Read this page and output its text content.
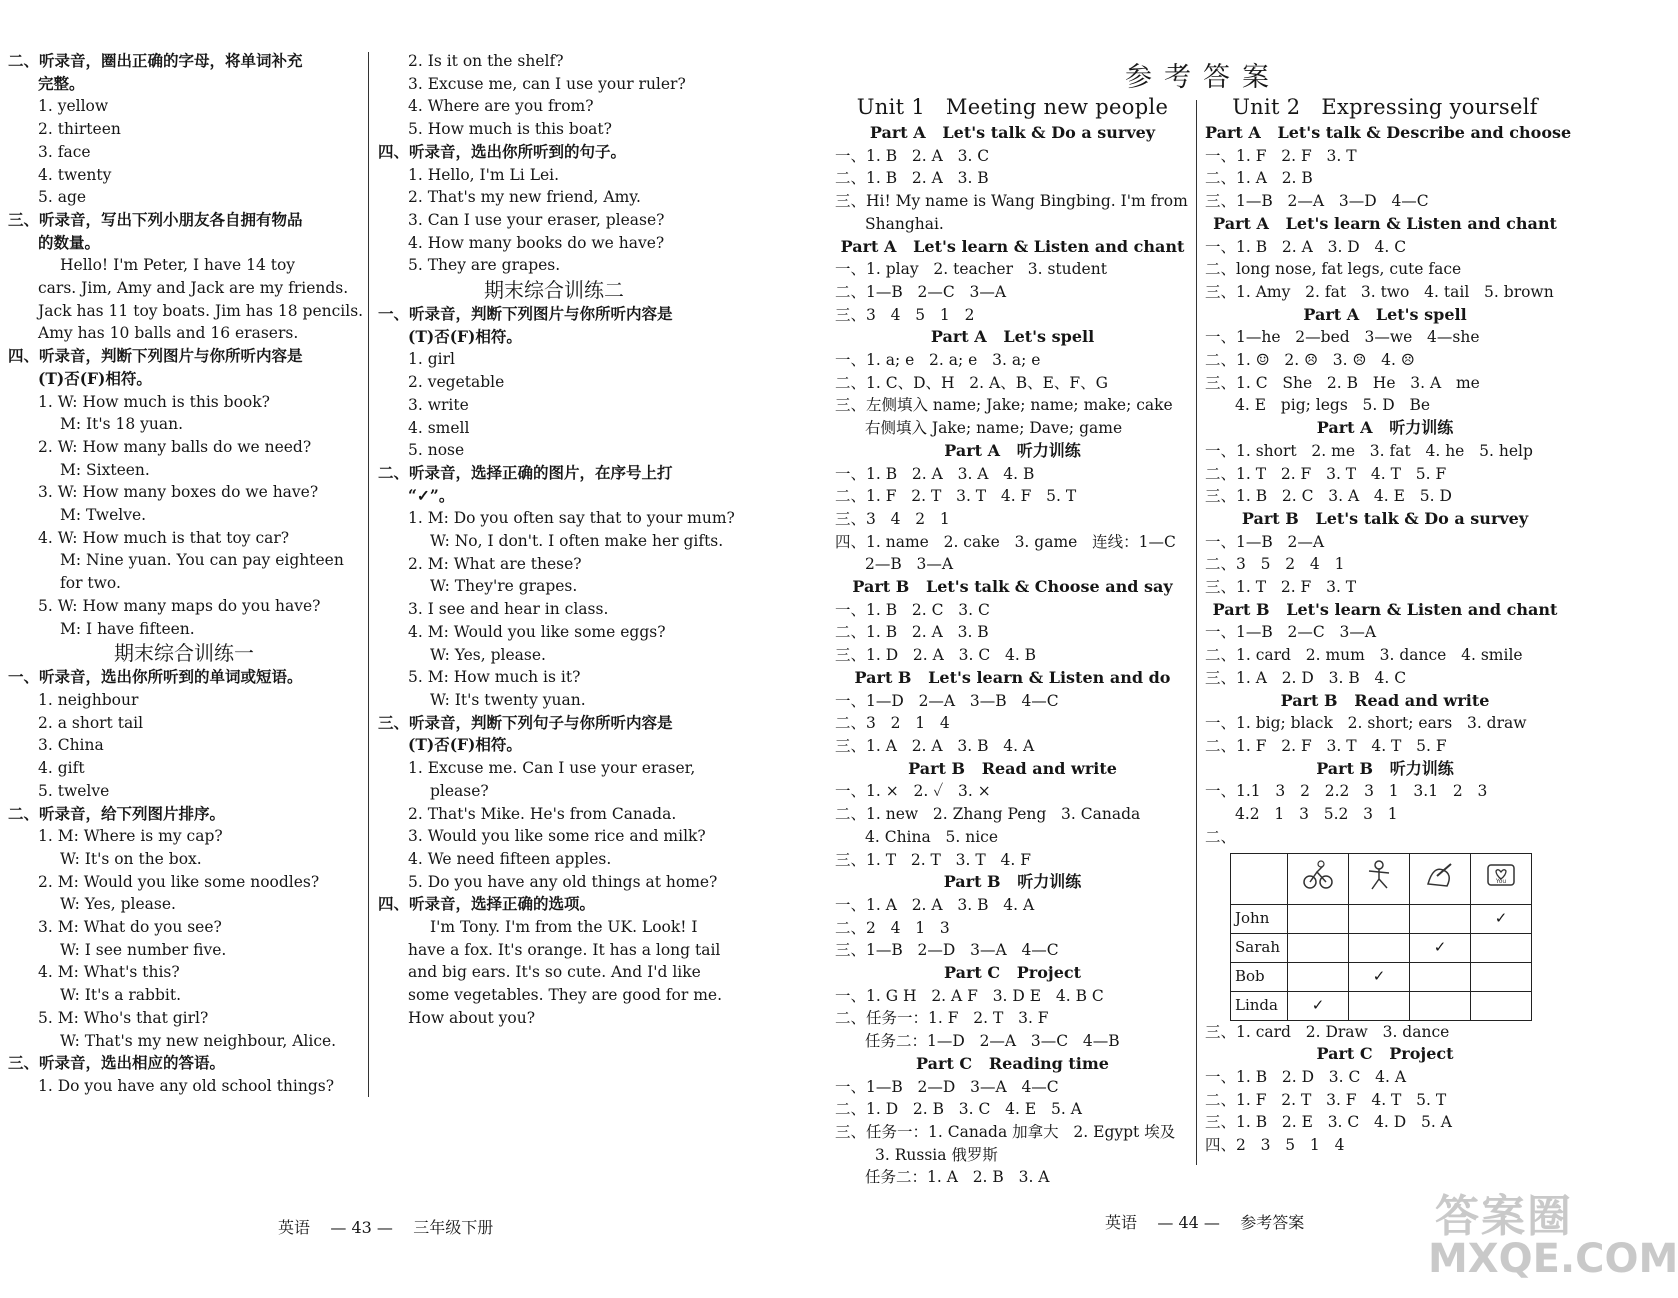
二、听录音，圈出正确的字母，将单词补充
完整。
1. yellow
2. thirteen
3. face
4. twenty
5. age
三、听录音，写出下列小朋友各自拥有物品
的数量。
Hello! I'm Peter, I have 14 toy
cars. Jim, Amy and Jack are my friends.
Jack has 11 toy boats. Jim has 18 pencils.
Amy has 10 balls and 16 erasers.
四、听录音，判断下列图片与你所听内容是
(T)否(F)相符。
1. W: How much is this book?
M: It's 18 yuan.
2. W: How many balls do we need?
M: Sixteen.
3. W: How many boxes do we have?
M: Twelve.
4. W: How much is that toy car?
M: Nine yuan. You can pay eighteen
for two.
5. W: How many maps do you have?
M: I have fifteen.
期末综合训练一
一、听录音，选出你所听到的单词或短语。
1. neighbour
2. a short tail
3. China
4. gift
5. twelve
二、听录音，给下列图片排序。
1. M: Where is my cap?
W: It's on the box.
2. M: Would you like some noodles?
W: Yes, please.
3. M: What do you see?
W: I see number five.
4. M: What's this?
W: It's a rabbit.
5. M: Who's that girl?
W: That's my new neighbour, Alice.
三、听录音，选出相应的答语。
1. Do you have any old school things?
2. Is it on the shelf?
3. Excuse me, can I use your ruler?
4. Where are you from?
5. How much is this boat?
四、听录音，选出你所听到的句子。
1. Hello, I'm Li Lei.
2. That's my new friend, Amy.
3. Can I use your eraser, please?
4. How many books do we have?
5. They are grapes.
期末综合训练二
一、听录音，判断下列图片与你所听内容是
(T)否(F)相符。
1. girl
2. vegetable
3. write
4. smell
5. nose
二、听录音，选择正确的图片，在序号上打
“✓”。
1. M: Do you often say that to your mum?
W: No, I don't. I often make her gifts.
2. M: What are these?
W: They're grapes.
3. I see and hear in class.
4. M: Would you like some eggs?
W: Yes, please.
5. M: How much is it?
W: It's twenty yuan.
三、听录音，判断下列句子与你所听内容是
(T)否(F)相符。
1. Excuse me. Can I use your eraser,
please?
2. That's Mike. He's from Canada.
3. Would you like some rice and milk?
4. We need fifteen apples.
5. Do you have any old things at home?
四、听录音，选择正确的选项。
I'm Tony. I'm from the UK. Look! I
have a fox. It's orange. It has a long tail
and big ears. It's so cute. And I'd like
some vegetables. They are good for me.
How about you?
英语 — 43 — 三年级下册
参考答案
Unit 1   Meeting new people
Part A   Let's talk & Do a survey
一、1. B   2. A   3. C
二、1. B   2. A   3. B
三、Hi! My name is Wang Bingbing. I'm from
Shanghai.
Part A   Let's learn & Listen and chant
一、1. play   2. teacher   3. student
二、1—B   2—C   3—A
三、3   4   5   1   2
Part A   Let's spell
一、1. a; e   2. a; e   3. a; e
二、1. C、D、H   2. A、B、E、F、G
三、左侧填入 name; Jake; name; make; cake
右侧填入 Jake; name; Dave; game
Part A   听力训练
一、1. B   2. A   3. A   4. B
二、1. F   2. T   3. T   4. F   5. T
三、3   4   2   1
四、1. name   2. cake   3. game   连线：1—C
2—B   3—A
Part B   Let's talk & Choose and say
一、1. B   2. C   3. C
二、1. B   2. A   3. B
三、1. D   2. A   3. C   4. B
Part B   Let's learn & Listen and do
一、1—D   2—A   3—B   4—C
二、3   2   1   4
三、1. A   2. A   3. B   4. A
Part B   Read and write
一、1. ×   2. ✓   3. ×
二、1. new   2. Zhang Peng   3. Canada
4. China   5. nice
三、1. T   2. T   3. T   4. F
Part B   听力训练
一、1. A   2. A   3. B   4. A
二、2   4   1   3
三、1—B   2—D   3—A   4—C
Part C   Project
一、1. G H   2. A F   3. D E   4. B C
二、任务一：1. F   2. T   3. F
任务二：1—D   2—A   3—C   4—B
Part C   Reading time
一、1—B   2—D   3—A   4—C
二、1. D   2. B   3. C   4. E   5. A
三、任务一：1. Canada 加拿大   2. Egypt 埃及
3. Russia 俄罗斯
任务二：1. A   2. B   3. A
Unit 2   Expressing yourself
Part A   Let's talk & Describe and choose
一、1. F   2. F   3. T
二、1. A   2. B
三、1—B   2—A   3—D   4—C
Part A   Let's learn & Listen and chant
一、1. B   2. A   3. D   4. C
二、long nose, fat legs, cute face
三、1. Amy   2. fat   3. two   4. tail   5. brown
Part A   Let's spell
一、1—he   2—bed   3—we   4—she
二、1. ☺   2. ☹   3. ☹   4. ☹
三、1. C   She   2. B   He   3. A   me
4. E   pig; legs   5. D   Be
Part A   听力训练
一、1. short   2. me   3. fat   4. he   5. help
二、1. T   2. F   3. T   4. T   5. F
三、1. B   2. C   3. A   4. E   5. D
Part B   Let's talk & Do a survey
一、1—B   2—A
二、3   5   2   4   1
三、1. T   2. F   3. T
Part B   Let's learn & Listen and chant
一、1—B   2—C   3—A
二、1. card   2. mum   3. dance   4. smile
三、1. A   2. D   3. B   4. C
Part B   Read and write
一、1. big; black   2. short; ears   3. draw
二、1. F   2. F   3. T   4. T   5. F
Part B   听力训练
一、1.1   3   2   2.2   3   1   3.1   2   3
4.2   1   3   5.2   3   1
二、

You

John				✓
Sarah			✓	
Bob		✓		
Linda	✓			
三、1. card   2. Draw   3. dance
Part C   Project
一、1. B   2. D   3. C   4. A
二、1. F   2. T   3. F   4. T   5. T
三、1. B   2. E   3. C   4. D   5. A
四、2   3   5   1   4
英语 — 44 — 参考答案	答案圈
MXQE.COM
